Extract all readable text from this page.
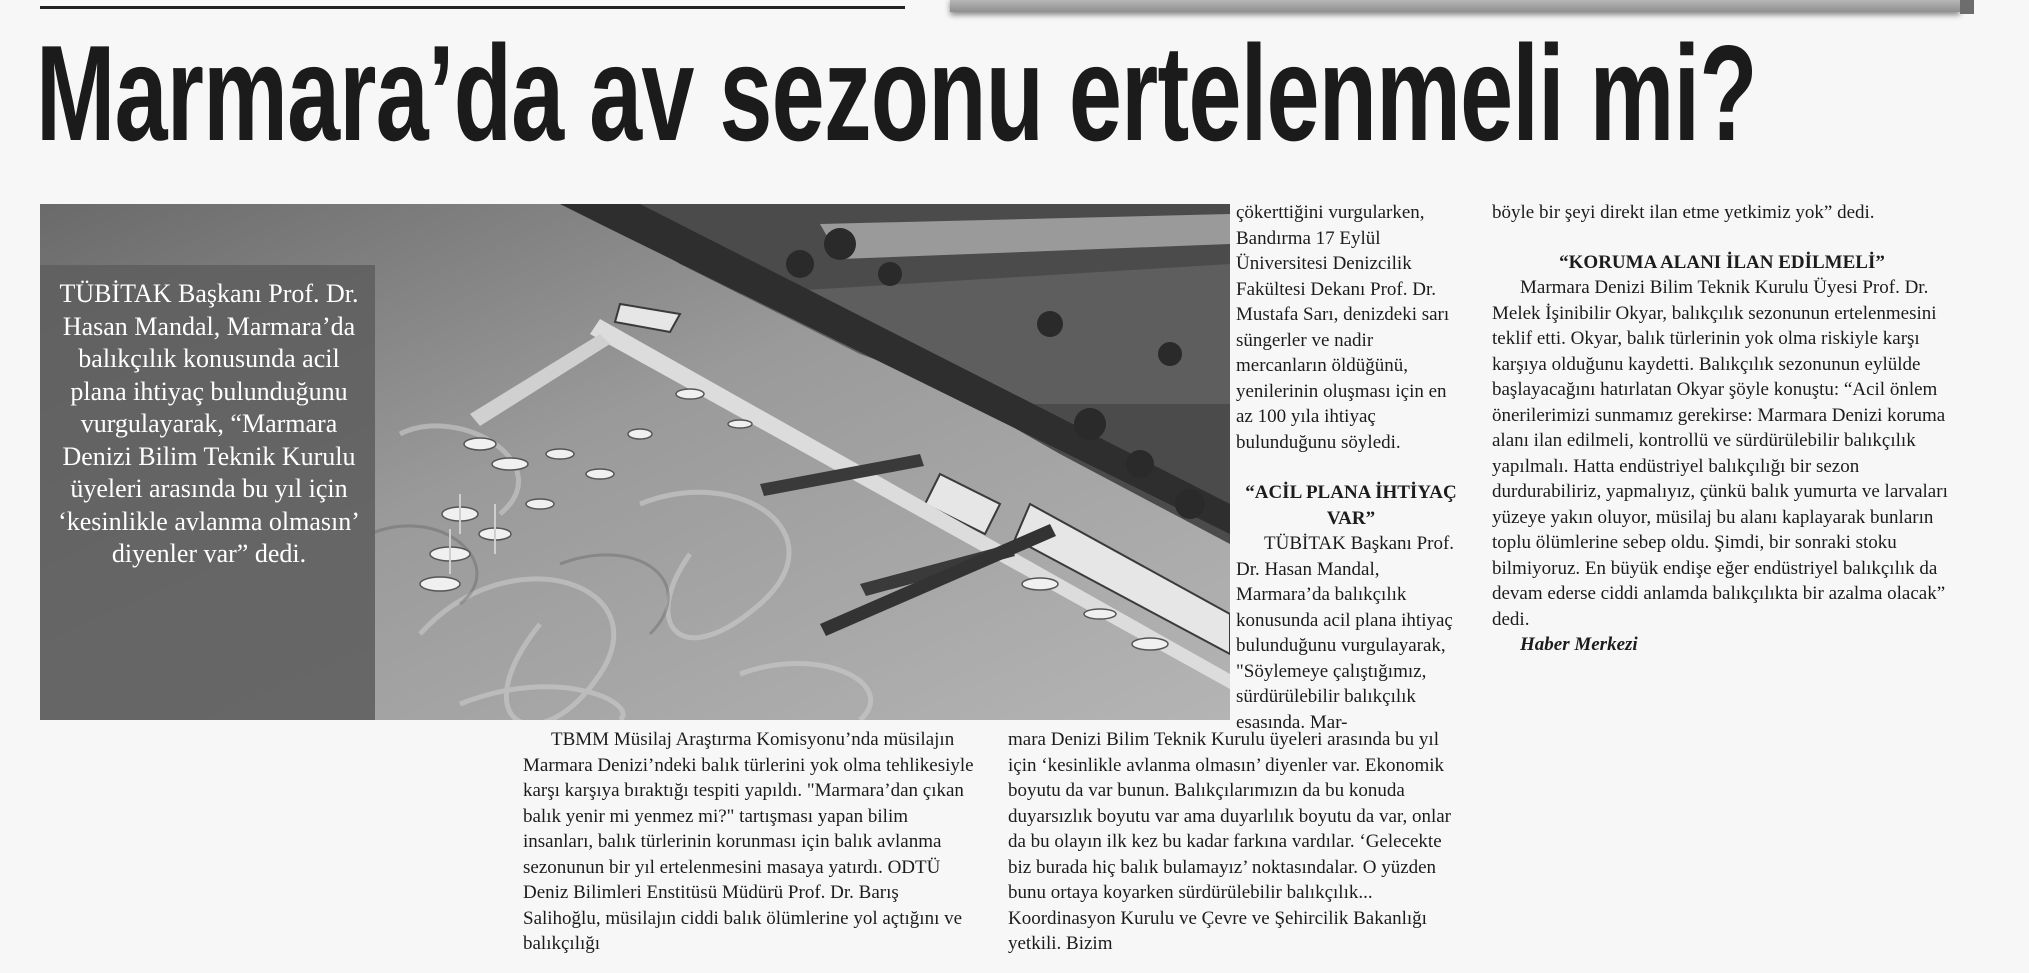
Marmara’da av sezonu ertelenmeli mi?

TÜBİTAK Başkanı Prof. Dr. Hasan Mandal, Marmara’da balıkçılık konusunda acil plana ihtiyaç bulunduğunu vurgulayarak, “Marmara Denizi Bilim Teknik Kurulu üyeleri arasında bu yıl için ‘kesinlikle avlanma olmasın’ diyenler var” dedi.

TBMM Müsilaj Araştırma Komisyonu’nda müsilajın Marmara Denizi’ndeki balık türlerini yok olma tehlikesiyle karşı karşıya bıraktığı tespiti yapıldı. "Marmara’dan çıkan balık yenir mi yenmez mi?" tartışması yapan bilim insanları, balık türlerinin korunması için balık avlanma sezonunun bir yıl ertelenmesini masaya yatırdı. ODTÜ Deniz Bilimleri Enstitüsü Müdürü Prof. Dr. Barış Salihoğlu, müsilajın ciddi balık ölümlerine yol açtığını ve balıkçılığı

çökerttiğini vurgularken, Bandırma 17 Eylül Üniversitesi Denizcilik Fakültesi Dekanı Prof. Dr. Mustafa Sarı, denizdeki sarı süngerler ve nadir mercanların öldüğünü, yenilerinin oluşması için en az 100 yıla ihtiyaç bulunduğunu söyledi.

“ACİL PLANA İHTİYAÇ VAR”

TÜBİTAK Başkanı Prof. Dr. Hasan Mandal, Marmara’da balıkçılık konusunda acil plana ihtiyaç bulunduğunu vurgulayarak, "Söylemeye çalıştığımız, sürdürülebilir balıkçılık esasında. Mar-

mara Denizi Bilim Teknik Kurulu üyeleri arasında bu yıl için ‘kesinlikle avlanma olmasın’ diyenler var. Ekonomik boyutu da var bunun. Balıkçılarımızın da bu konuda duyarsızlık boyutu var ama duyarlılık boyutu da var, onlar da bu olayın ilk kez bu kadar farkına vardılar. ‘Gelecekte biz burada hiç balık bulamayız’ noktasındalar. O yüzden bunu ortaya koyarken sürdürülebilir balıkçılık... Koordinasyon Kurulu ve Çevre ve Şehircilik Bakanlığı yetkili. Bizim

böyle bir şeyi direkt ilan etme yetkimiz yok” dedi.

“KORUMA ALANI İLAN EDİLMELİ”

Marmara Denizi Bilim Teknik Kurulu Üyesi Prof. Dr. Melek İşinibilir Okyar, balıkçılık sezonunun ertelenmesini teklif etti. Okyar, balık türlerinin yok olma riskiyle karşı karşıya olduğunu kaydetti. Balıkçılık sezonunun eylülde başlayacağını hatırlatan Okyar şöyle konuştu: “Acil önlem önerilerimizi sunmamız gerekirse: Marmara Denizi koruma alanı ilan edilmeli, kontrollü ve sürdürülebilir balıkçılık yapılmalı. Hatta endüstriyel balıkçılığı bir sezon durdurabiliriz, yapmalıyız, çünkü balık yumurta ve larvaları yüzeye yakın oluyor, müsilaj bu alanı kaplayarak bunların toplu ölümlerine sebep oldu. Şimdi, bir sonraki stoku bilmiyoruz. En büyük endişe eğer endüstriyel balıkçılık da devam ederse ciddi anlamda balıkçılıkta bir azalma olacak” dedi.

Haber Merkezi
